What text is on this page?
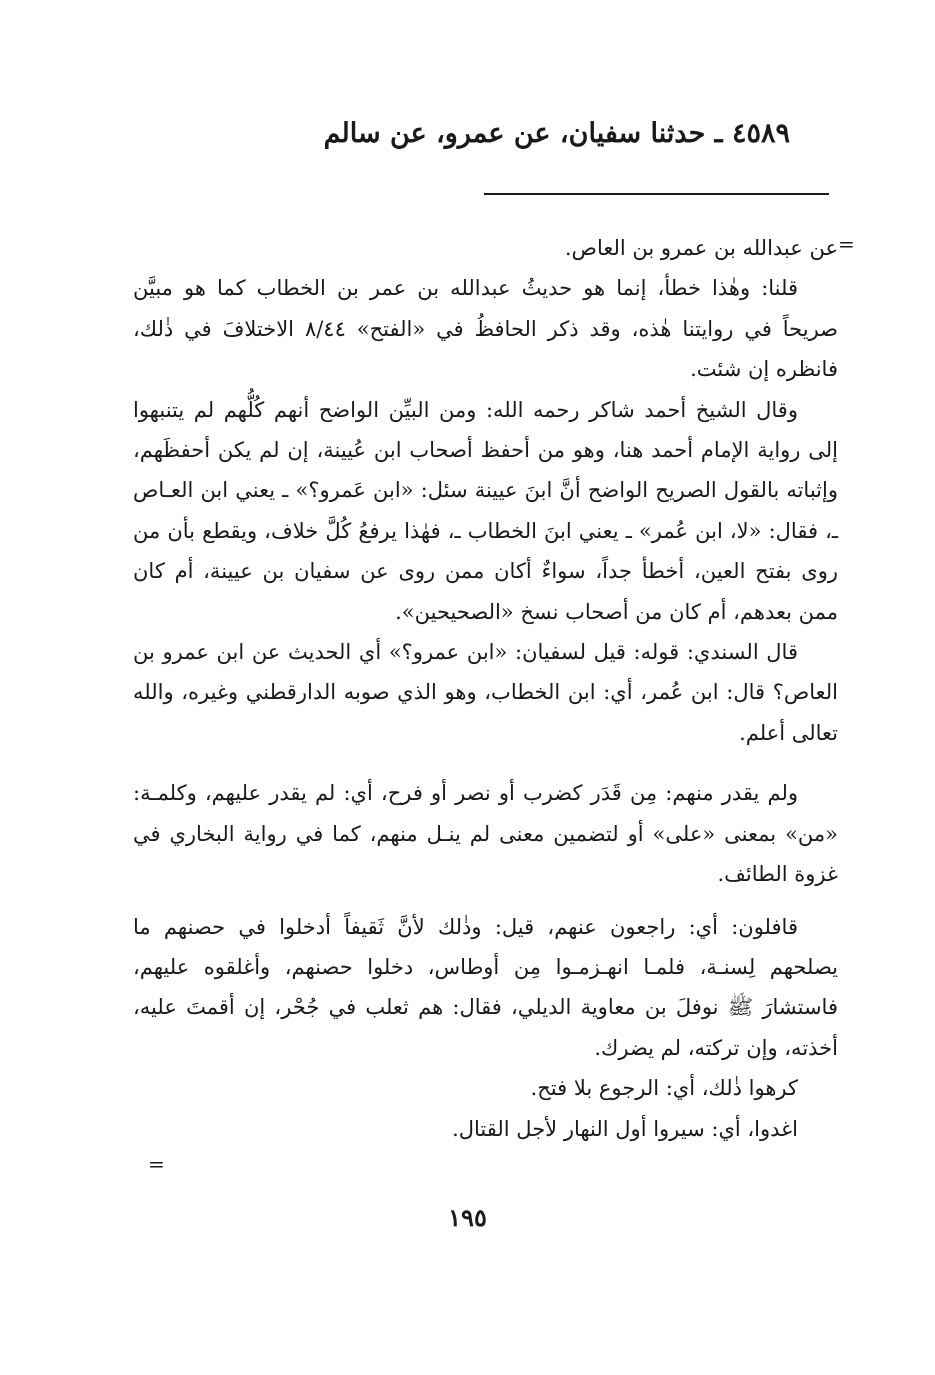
٤٥٨٩ ـ حدثنا سفيان، عن عمرو، عن سالم
=

عن عبدالله بن عمرو بن العاص.

قلنا: وهٰذا خطأ، إنما هو حديثُ عبدالله بن عمر بن الخطاب كما هو مبيَّن صريحاً في روايتنا هٰذه، وقد ذكر الحافظُ في «الفتح» ٨/٤٤ الاختلافَ في ذٰلك، فانظره إن شئت.

وقال الشيخ أحمد شاكر رحمه الله: ومن البيِّن الواضح أنهم كُلُّهم لم يتنبهوا إلى رواية الإمام أحمد هنا، وهو من أحفظ أصحاب ابن عُيينة، إن لم يكن أحفظَهم، وإثباته بالقول الصريح الواضح أنَّ ابنَ عيينة سئل: «ابن عَمرو؟» ـ يعني ابن العـاص ـ، فقال: «لا، ابن عُمر» ـ يعني ابنَ الخطاب ـ، فهٰذا يرفعُ كُلَّ خلاف، ويقطع بأن من روى بفتح العين، أخطأ جداً، سواءٌ أكان ممن روى عن سفيان بن عيينة، أم كان ممن بعدهم، أم كان من أصحاب نسخ «الصحيحين».

قال السندي: قوله: قيل لسفيان: «ابن عمرو؟» أي الحديث عن ابن عمرو بن العاص؟ قال: ابن عُمر، أي: ابن الخطاب، وهو الذي صوبه الدارقطني وغيره، والله تعالى أعلم.

ولم يقدر منهم: مِن قَدَر كضرب أو نصر أو فرح، أي: لم يقدر عليهم، وكلمـة: «من» بمعنى «على» أو لتضمين معنى لم ينـل منهم، كما في رواية البخاري في غزوة الطائف.

قافلون: أي: راجعون عنهم، قيل: وذٰلك لأنَّ ثَقيفاً أدخلوا في حصنهم ما يصلحهم لِسنـة، فلمـا انهـزمـوا مِن أوطاس، دخلوا حصنهم، وأغلقوه عليهم، فاستشارَ ﷺ نوفلَ بن معاوية الديلي، فقال: هم ثعلب في جُحْر، إن أقمتَ عليه، أخذته، وإن تركته، لم يضرك.

كرهوا ذٰلك، أي: الرجوع بلا فتح.

اغدوا، أي: سيروا أول النهار لأجل القتال.

=
١٩٥
